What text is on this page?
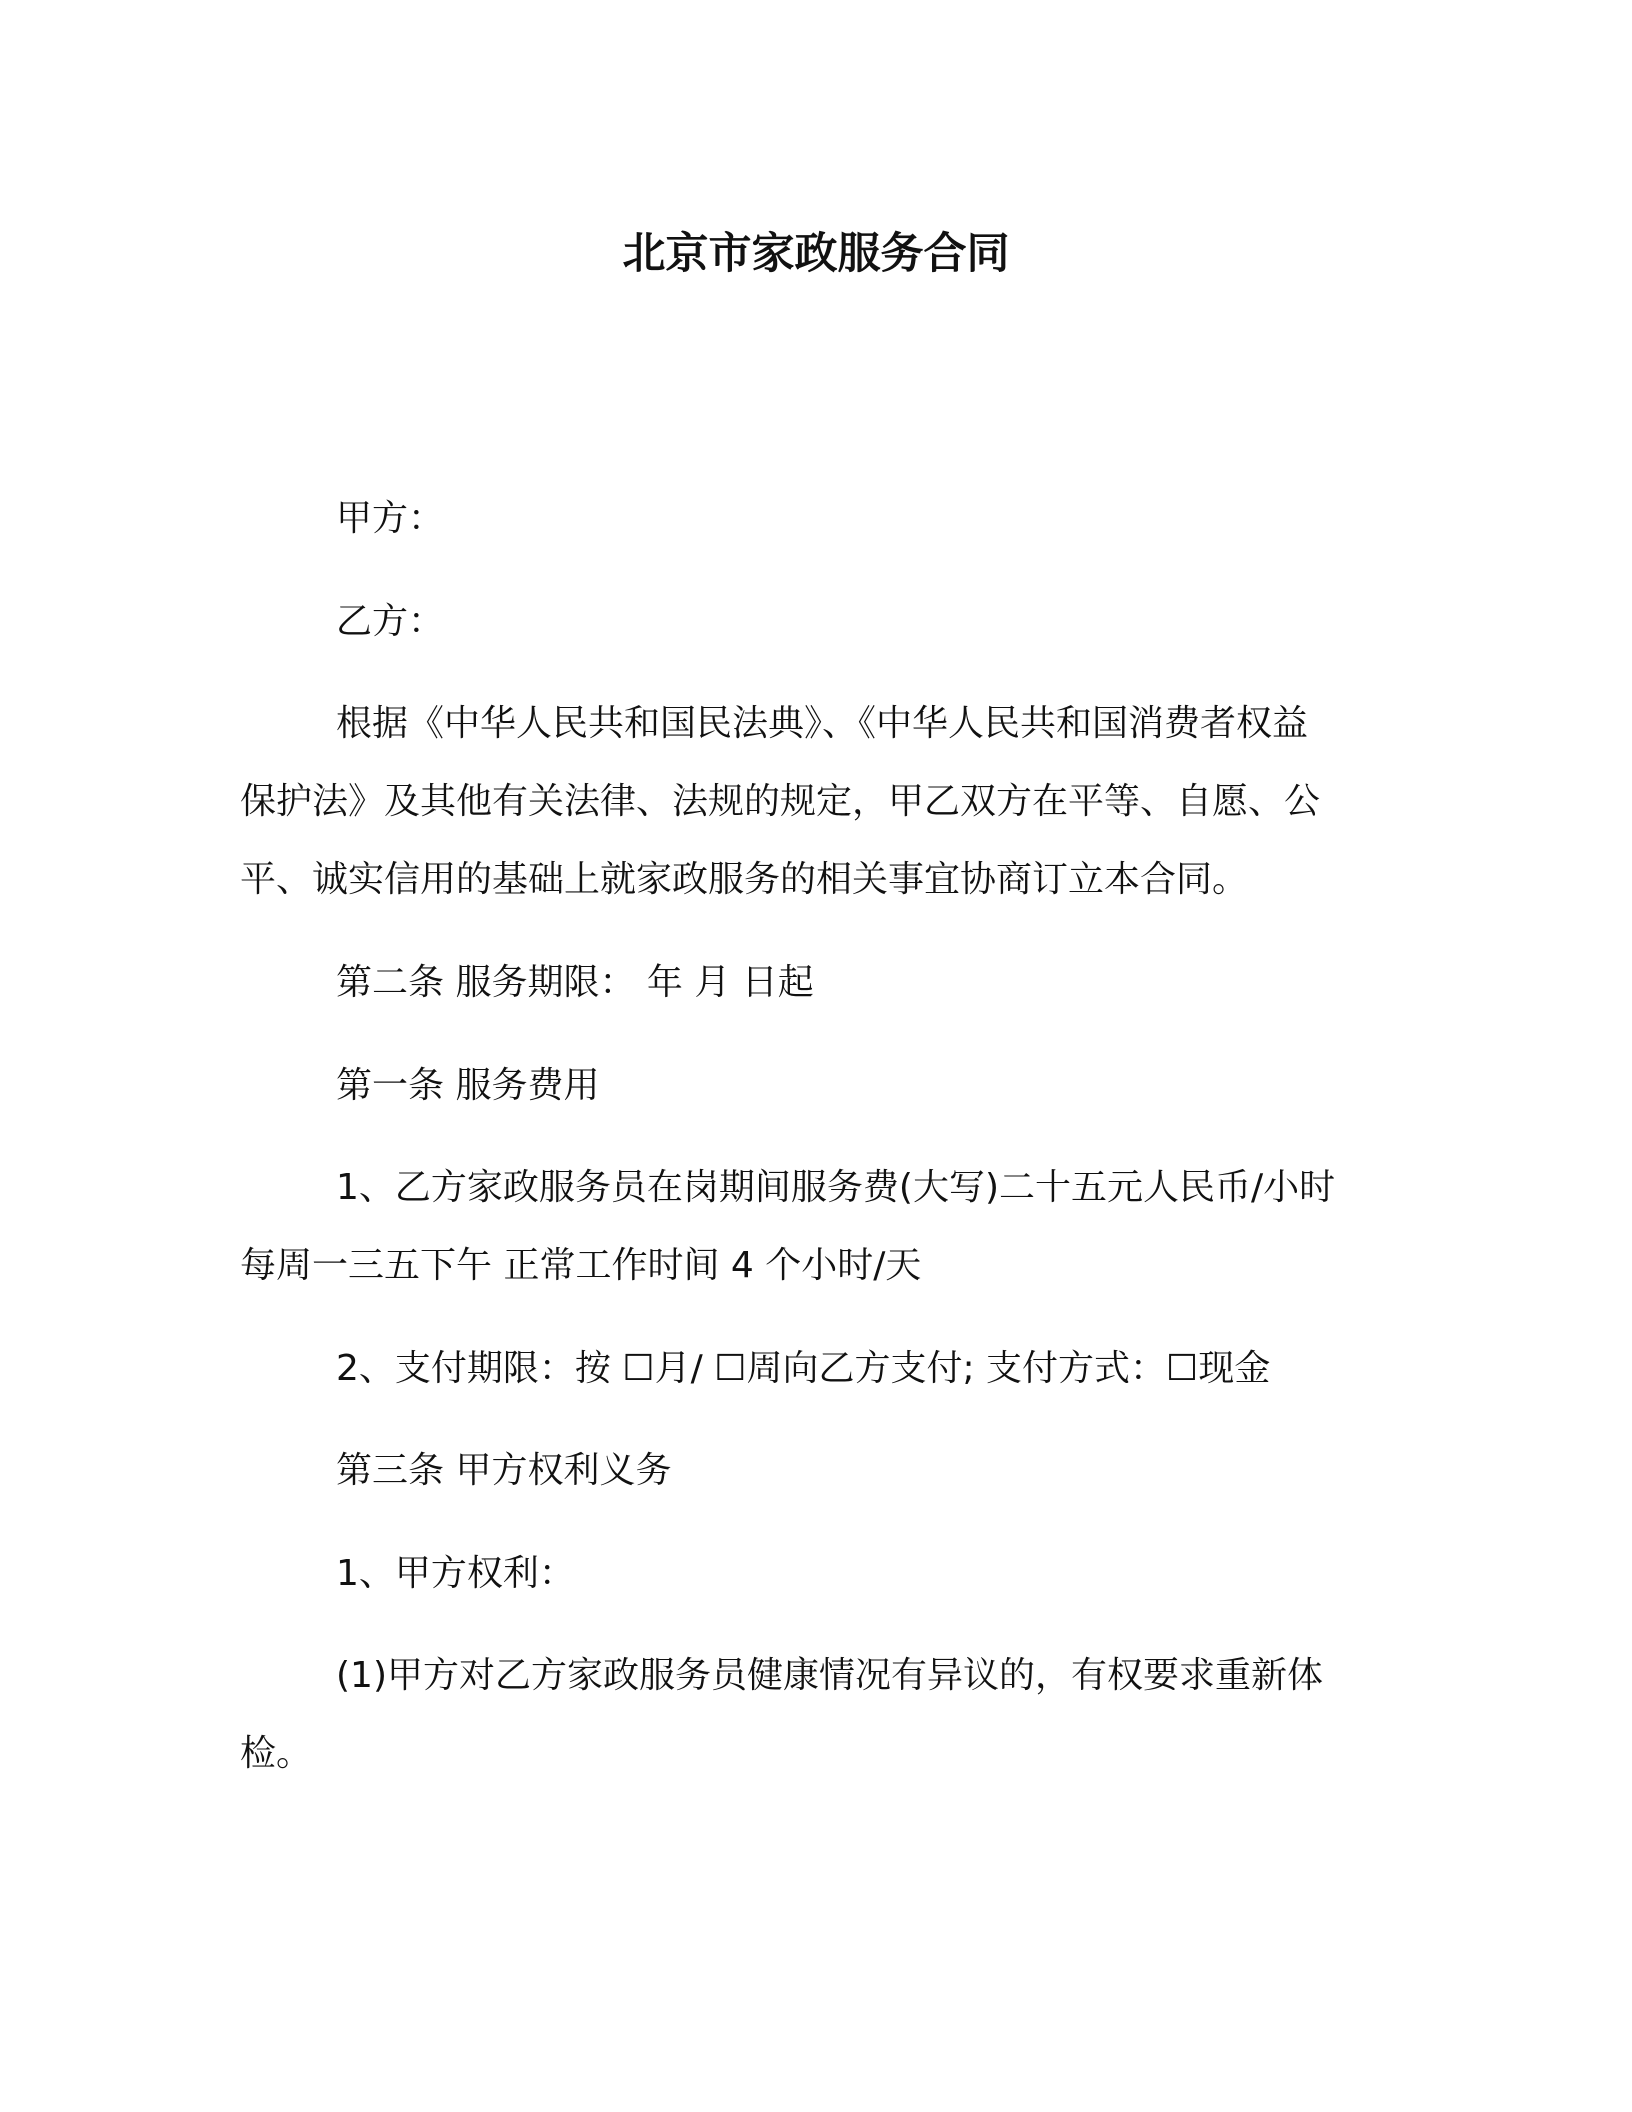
北京市家政服务合同
甲方：
乙方：
根据《中华人民共和国民法典》、《中华人民共和国消费者权益
保护法》及其他有关法律、法规的规定，甲乙双方在平等、自愿、公
平、诚实信用的基础上就家政服务的相关事宜协商订立本合同。
第二条 服务期限： 年 月 日起
第一条 服务费用
1、乙方家政服务员在岗期间服务费(大写)二十五元人民币/小时
每周一三五下午 正常工作时间 4 个小时/天
2、支付期限：按 ☐月/ ☐周向乙方支付; 支付方式：☐现金
第三条 甲方权利义务
1、甲方权利：
(1)甲方对乙方家政服务员健康情况有异议的，有权要求重新体
检。
